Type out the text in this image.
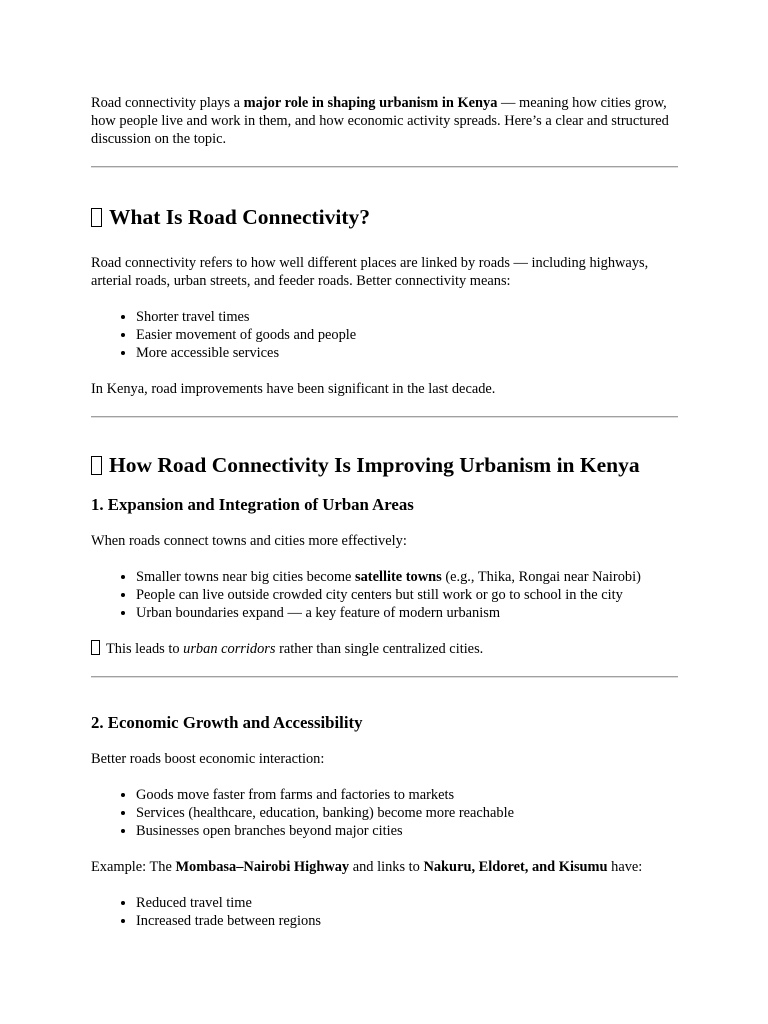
Road connectivity plays a major role in shaping urbanism in Kenya — meaning how cities grow, how people live and work in them, and how economic activity spreads. Here’s a clear and structured discussion on the topic.

What Is Road Connectivity?

Road connectivity refers to how well different places are linked by roads — including highways, arterial roads, urban streets, and feeder roads. Better connectivity means:

• Shorter travel times
• Easier movement of goods and people
• More accessible services

In Kenya, road improvements have been significant in the last decade.

How Road Connectivity Is Improving Urbanism in Kenya
1. Expansion and Integration of Urban Areas

When roads connect towns and cities more effectively:

• Smaller towns near big cities become satellite towns (e.g., Thika, Rongai near Nairobi)
• People can live outside crowded city centers but still work or go to school in the city
• Urban boundaries expand — a key feature of modern urbanism

This leads to urban corridors rather than single centralized cities.

2. Economic Growth and Accessibility

Better roads boost economic interaction:

• Goods move faster from farms and factories to markets
• Services (healthcare, education, banking) become more reachable
• Businesses open branches beyond major cities

Example: The Mombasa–Nairobi Highway and links to Nakuru, Eldoret, and Kisumu have:

• Reduced travel time
• Increased trade between regions
